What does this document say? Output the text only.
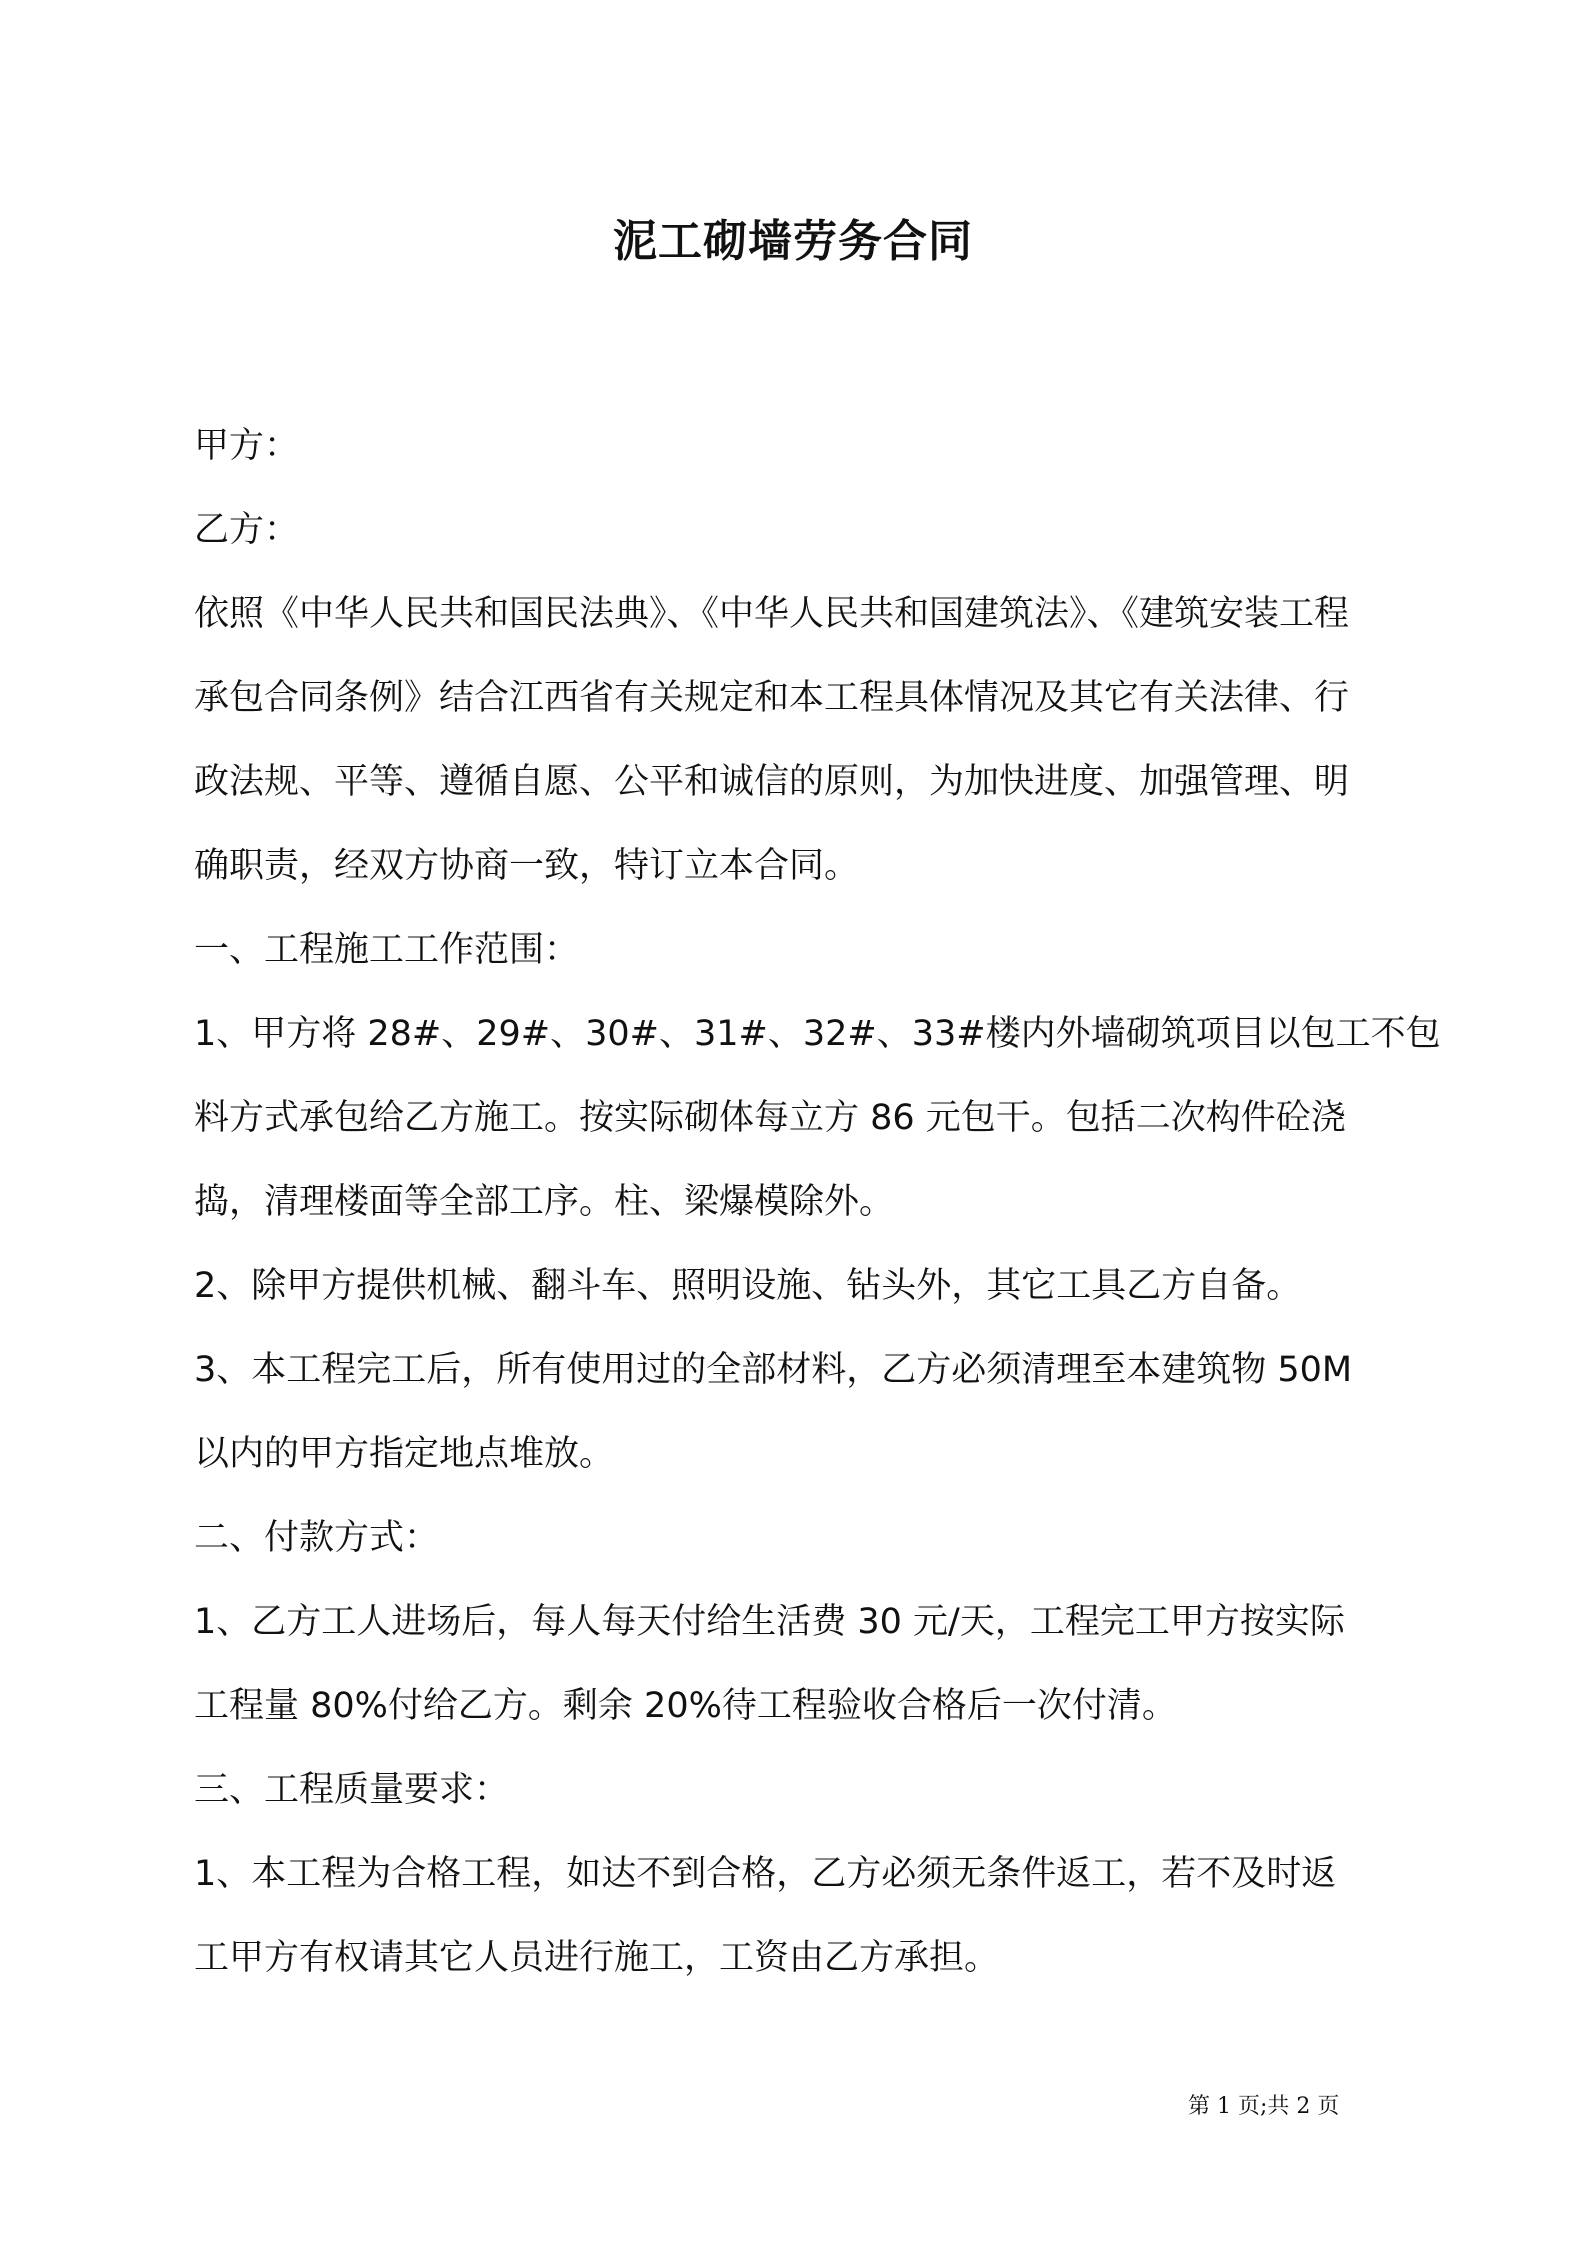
泥工砌墙劳务合同
甲方：
乙方：
依照《中华人民共和国民法典》、《中华人民共和国建筑法》、《建筑安装工程
承包合同条例》结合江西省有关规定和本工程具体情况及其它有关法律、行
政法规、平等、遵循自愿、公平和诚信的原则，为加快进度、加强管理、明
确职责，经双方协商一致，特订立本合同。
一、工程施工工作范围：
1、甲方将 28#、29#、30#、31#、32#、33#楼内外墙砌筑项目以包工不包
料方式承包给乙方施工。按实际砌体每立方 86 元包干。包括二次构件砼浇
捣，清理楼面等全部工序。柱、梁爆模除外。
2、除甲方提供机械、翻斗车、照明设施、钻头外，其它工具乙方自备。
3、本工程完工后，所有使用过的全部材料，乙方必须清理至本建筑物 50M
以内的甲方指定地点堆放。
二、付款方式：
1、乙方工人进场后，每人每天付给生活费 30 元/天，工程完工甲方按实际
工程量 80%付给乙方。剩余 20%待工程验收合格后一次付清。
三、工程质量要求：
1、本工程为合格工程，如达不到合格，乙方必须无条件返工，若不及时返
工甲方有权请其它人员进行施工，工资由乙方承担。
第 1 页;共 2 页
